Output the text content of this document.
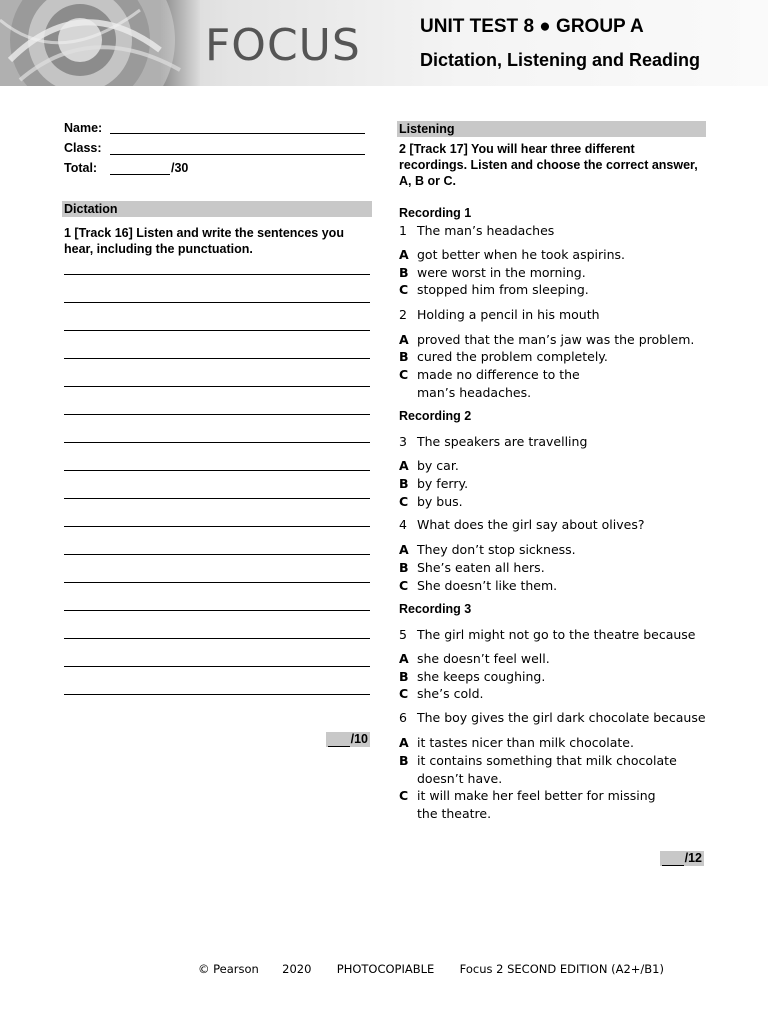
FOCUS	UNIT TEST 8 ● GROUP A
Dictation, Listening and Reading
Name:
Class:
Total:	/30
Dictation
1 [Track 16] Listen and write the sentences you hear, including the punctuation.
/10
Listening
2 [Track 17] You will hear three different recordings. Listen and choose the correct answer, A, B or C.
Recording 1
1 The man’s headaches
A got better when he took aspirins.
B were worst in the morning.
C stopped him from sleeping.
2 Holding a pencil in his mouth
A proved that the man’s jaw was the problem.
B cured the problem completely.
C made no difference to the man’s headaches.
Recording 2
3 The speakers are travelling
A by car.
B by ferry.
C by bus.
4 What does the girl say about olives?
A They don’t stop sickness.
B She’s eaten all hers.
C She doesn’t like them.
Recording 3
5 The girl might not go to the theatre because
A she doesn’t feel well.
B she keeps coughing.
C she’s cold.
6 The boy gives the girl dark chocolate because
A it tastes nicer than milk chocolate.
B it contains something that milk chocolate doesn’t have.
C it will make her feel better for missing the theatre.
/12
© Pearson 2020 PHOTOCOPIABLE Focus 2 SECOND EDITION (A2+/B1)
